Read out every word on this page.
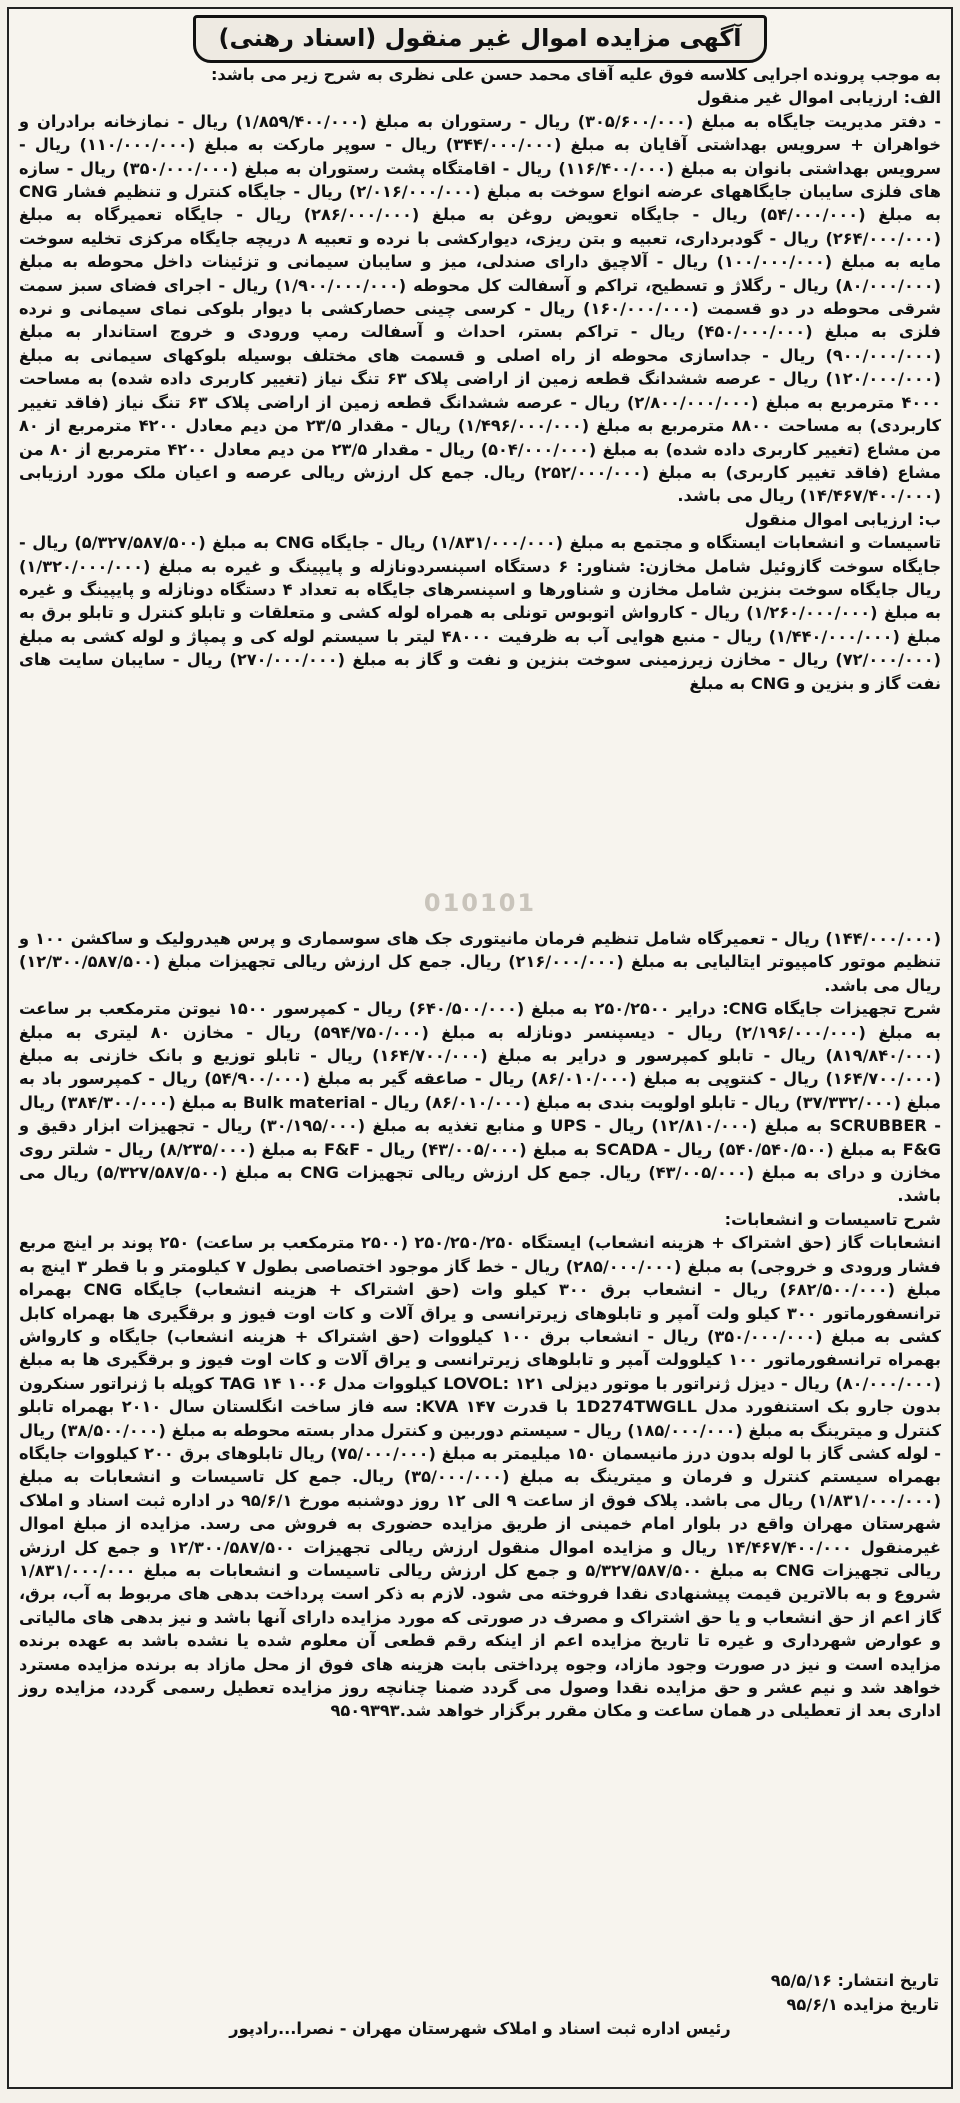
آگهی مزایده اموال غیر منقول (اسناد رهنی)

به موجب پرونده اجرایی کلاسه فوق علیه آقای محمد حسن علی نظری به شرح زیر می باشد:

الف: ارزیابی اموال غیر منقول

- دفتر مدیریت جایگاه به مبلغ (۳۰۵/۶۰۰/۰۰۰) ریال - رستوران به مبلغ (۱/۸۵۹/۴۰۰/۰۰۰) ریال - نمازخانه برادران و خواهران + سرویس بهداشتی آقایان به مبلغ (۳۴۴/۰۰۰/۰۰۰) ریال - سوپر مارکت به مبلغ (۱۱۰/۰۰۰/۰۰۰) ریال - سرویس بهداشتی بانوان به مبلغ (۱۱۶/۴۰۰/۰۰۰) ریال - اقامتگاه پشت رستوران به مبلغ (۳۵۰/۰۰۰/۰۰۰) ریال - سازه های فلزی سایبان جایگاههای عرضه انواع سوخت به مبلغ (۲/۰۱۶/۰۰۰/۰۰۰) ریال - جایگاه کنترل و تنظیم فشار CNG به مبلغ (۵۴/۰۰۰/۰۰۰) ریال - جایگاه تعویض روغن به مبلغ (۲۸۶/۰۰۰/۰۰۰) ریال - جایگاه تعمیرگاه به مبلغ (۲۶۴/۰۰۰/۰۰۰) ریال - گودبرداری، تعبیه و بتن ریزی، دیوارکشی با نرده و تعبیه ۸ دریچه جایگاه مرکزی تخلیه سوخت مایه به مبلغ (۱۰۰/۰۰۰/۰۰۰) ریال - آلاچیق دارای صندلی، میز و سایبان سیمانی و تزئینات داخل محوطه به مبلغ (۸۰/۰۰۰/۰۰۰) ریال - رگلاژ و تسطیح، تراکم و آسفالت کل محوطه (۱/۹۰۰/۰۰۰/۰۰۰) ریال - اجرای فضای سبز سمت شرقی محوطه در دو قسمت (۱۶۰/۰۰۰/۰۰۰) ریال - کرسی چینی حصارکشی با دیوار بلوکی نمای سیمانی و نرده فلزی به مبلغ (۴۵۰/۰۰۰/۰۰۰) ریال - تراکم بستر، احداث و آسفالت رمپ ورودی و خروج استاندار به مبلغ (۹۰۰/۰۰۰/۰۰۰) ریال - جداسازی محوطه از راه اصلی و قسمت های مختلف بوسیله بلوکهای سیمانی به مبلغ (۱۲۰/۰۰۰/۰۰۰) ریال - عرصه ششدانگ قطعه زمین از اراضی پلاک ۶۳ تنگ نیاز (تغییر کاربری داده شده) به مساحت ۴۰۰۰ مترمربع به مبلغ (۲/۸۰۰/۰۰۰/۰۰۰) ریال - عرصه ششدانگ قطعه زمین از اراضی پلاک ۶۳ تنگ نیاز (فاقد تغییر کاربردی) به مساحت ۸۸۰۰ مترمربع به مبلغ (۱/۴۹۶/۰۰۰/۰۰۰) ریال - مقدار ۲۳/۵ من دیم معادل ۴۲۰۰ مترمربع از ۸۰ من مشاع (تغییر کاربری داده شده) به مبلغ (۵۰۴/۰۰۰/۰۰۰) ریال - مقدار ۲۳/۵ من دیم معادل ۴۲۰۰ مترمربع از ۸۰ من مشاع (فاقد تغییر کاربری) به مبلغ (۲۵۲/۰۰۰/۰۰۰) ریال. جمع کل ارزش ریالی عرصه و اعیان ملک مورد ارزیابی (۱۴/۴۶۷/۴۰۰/۰۰۰) ریال می باشد.

ب: ارزیابی اموال منقول

تاسیسات و انشعابات ایستگاه و مجتمع به مبلغ (۱/۸۳۱/۰۰۰/۰۰۰) ریال - جایگاه CNG به مبلغ (۵/۳۲۷/۵۸۷/۵۰۰) ریال - جایگاه سوخت گازوئیل شامل مخازن: شناور: ۶ دستگاه اسپنسردونازله و پایپینگ و غیره به مبلغ (۱/۳۲۰/۰۰۰/۰۰۰) ریال جایگاه سوخت بنزین شامل مخازن و شناورها و اسپنسرهای جایگاه به تعداد ۴ دستگاه دونازله و پایپینگ و غیره به مبلغ (۱/۲۶۰/۰۰۰/۰۰۰) ریال - کارواش اتوبوس تونلی به همراه لوله کشی و متعلقات و تابلو کنترل و تابلو برق به مبلغ (۱/۴۴۰/۰۰۰/۰۰۰) ریال - منبع هوایی آب به ظرفیت ۴۸۰۰۰ لیتر با سیستم لوله کی و پمپاژ و لوله کشی به مبلغ (۷۲/۰۰۰/۰۰۰) ریال - مخازن زیرزمینی سوخت بنزین و نفت و گاز به مبلغ (۲۷۰/۰۰۰/۰۰۰) ریال - سایبان سایت های نفت گاز و بنزین و CNG به مبلغ

010101

(۱۴۴/۰۰۰/۰۰۰) ریال - تعمیرگاه شامل تنظیم فرمان مانیتوری جک های سوسماری و پرس هیدرولیک و ساکشن ۱۰۰ و تنظیم موتور کامپیوتر ایتالیایی به مبلغ (۲۱۶/۰۰۰/۰۰۰) ریال. جمع کل ارزش ریالی تجهیزات مبلغ (۱۲/۳۰۰/۵۸۷/۵۰۰) ریال می باشد.

شرح تجهیزات جایگاه CNG: درایر ۲۵۰/۲۵۰۰ به مبلغ (۶۴۰/۵۰۰/۰۰۰) ریال - کمپرسور ۱۵۰۰ نیوتن مترمکعب بر ساعت به مبلغ (۲/۱۹۶/۰۰۰/۰۰۰) ریال - دیسپنسر دونازله به مبلغ (۵۹۴/۷۵۰/۰۰۰) ریال - مخازن ۸۰ لیتری به مبلغ (۸۱۹/۸۴۰/۰۰۰) ریال - تابلو کمپرسور و درایر به مبلغ (۱۶۴/۷۰۰/۰۰۰) ریال - تابلو توزیع و بانک خازنی به مبلغ (۱۶۴/۷۰۰/۰۰۰) ریال - کنتوپی به مبلغ (۸۶/۰۱۰/۰۰۰) ریال - صاعقه گیر به مبلغ (۵۴/۹۰۰/۰۰۰) ریال - کمپرسور باد به مبلغ (۳۷/۳۳۲/۰۰۰) ریال - تابلو اولویت بندی به مبلغ (۸۶/۰۱۰/۰۰۰) ریال - Bulk material به مبلغ (۳۸۴/۳۰۰/۰۰۰) ریال - SCRUBBER به مبلغ (۱۲/۸۱۰/۰۰۰) ریال - UPS و منابع تغذیه به مبلغ (۳۰/۱۹۵/۰۰۰) ریال - تجهیزات ابزار دقیق و F&G به مبلغ (۵۴۰/۵۴۰/۵۰۰) ریال - SCADA به مبلغ (۴۳/۰۰۵/۰۰۰) ریال - F&F به مبلغ (۸/۲۳۵/۰۰۰) ریال - شلتر روی مخازن و درای به مبلغ (۴۳/۰۰۵/۰۰۰) ریال. جمع کل ارزش ریالی تجهیزات CNG به مبلغ (۵/۳۲۷/۵۸۷/۵۰۰) ریال می باشد.

شرح تاسیسات و انشعابات:

انشعابات گاز (حق اشتراک + هزینه انشعاب) ایستگاه ۲۵۰/۲۵۰/۲۵۰ (۲۵۰۰ مترمکعب بر ساعت) ۲۵۰ پوند بر اینچ مربع فشار ورودی و خروجی) به مبلغ (۲۸۵/۰۰۰/۰۰۰) ریال - خط گاز موجود اختصاصی بطول ۷ کیلومتر و با قطر ۳ اینچ به مبلغ (۶۸۲/۵۰۰/۰۰۰) ریال - انشعاب برق ۳۰۰ کیلو وات (حق اشتراک + هزینه انشعاب) جایگاه CNG بهمراه ترانسفورماتور ۳۰۰ کیلو ولت آمپر و تابلوهای زیرترانسی و یراق آلات و کات اوت فیوز و برقگیری ها بهمراه کابل کشی به مبلغ (۳۵۰/۰۰۰/۰۰۰) ریال - انشعاب برق ۱۰۰ کیلووات (حق اشتراک + هزینه انشعاب) جایگاه و کارواش بهمراه ترانسفورماتور ۱۰۰ کیلوولت آمپر و تابلوهای زیرترانسی و یراق آلات و کات اوت فیوز و برقگیری ها به مبلغ (۸۰/۰۰۰/۰۰۰) ریال - دیزل ژنراتور با موتور دیزلی LOVOL: ۱۲۱ کیلووات مدل ۱۰۰۶ TAG ۱۴ کوپله با ژنراتور سنکرون بدون جارو بک استنفورد مدل 1D274TWGLL با قدرت ۱۴۷ KVA: سه فاز ساخت انگلستان سال ۲۰۱۰ بهمراه تابلو کنترل و میترینگ به مبلغ (۱۸۵/۰۰۰/۰۰۰) ریال - سیستم دوربین و کنترل مدار بسته محوطه به مبلغ (۳۸/۵۰۰/۰۰۰) ریال - لوله کشی گاز با لوله بدون درز مانیسمان ۱۵۰ میلیمتر به مبلغ (۷۵/۰۰۰/۰۰۰) ریال تابلوهای برق ۲۰۰ کیلووات جایگاه بهمراه سیستم کنترل و فرمان و میترینگ به مبلغ (۳۵/۰۰۰/۰۰۰) ریال. جمع کل تاسیسات و انشعابات به مبلغ (۱/۸۳۱/۰۰۰/۰۰۰) ریال می باشد. پلاک فوق از ساعت ۹ الی ۱۲ روز دوشنبه مورخ ۹۵/۶/۱ در اداره ثبت اسناد و املاک شهرستان مهران واقع در بلوار امام خمینی از طریق مزایده حضوری به فروش می رسد. مزایده از مبلغ اموال غیرمنقول ۱۴/۴۶۷/۴۰۰/۰۰۰ ریال و مزایده اموال منقول ارزش ریالی تجهیزات ۱۲/۳۰۰/۵۸۷/۵۰۰ و جمع کل ارزش ریالی تجهیزات CNG به مبلغ ۵/۳۲۷/۵۸۷/۵۰۰ و جمع کل ارزش ریالی تاسیسات و انشعابات به مبلغ ۱/۸۳۱/۰۰۰/۰۰۰ شروع و به بالاترین قیمت پیشنهادی نقدا فروخته می شود. لازم به ذکر است پرداخت بدهی های مربوط به آب، برق، گاز اعم از حق انشعاب و یا حق اشتراک و مصرف در صورتی که مورد مزایده دارای آنها باشد و نیز بدهی های مالیاتی و عوارض شهرداری و غیره تا تاریخ مزایده اعم از اینکه رقم قطعی آن معلوم شده یا نشده باشد به عهده برنده مزایده است و نیز در صورت وجود مازاد، وجوه پرداختی بابت هزینه های فوق از محل مازاد به برنده مزایده مسترد خواهد شد و نیم عشر و حق مزایده نقدا وصول می گردد ضمنا چنانچه روز مزایده تعطیل رسمی گردد، مزایده روز اداری بعد از تعطیلی در همان ساعت و مکان مقرر برگزار خواهد شد.۹۵۰۹۳۹۳

تاریخ انتشار: ۹۵/۵/۱۶
تاریخ مزایده ۹۵/۶/۱
رئیس اداره ثبت اسناد و املاک شهرستان مهران - نصرا...رادپور
